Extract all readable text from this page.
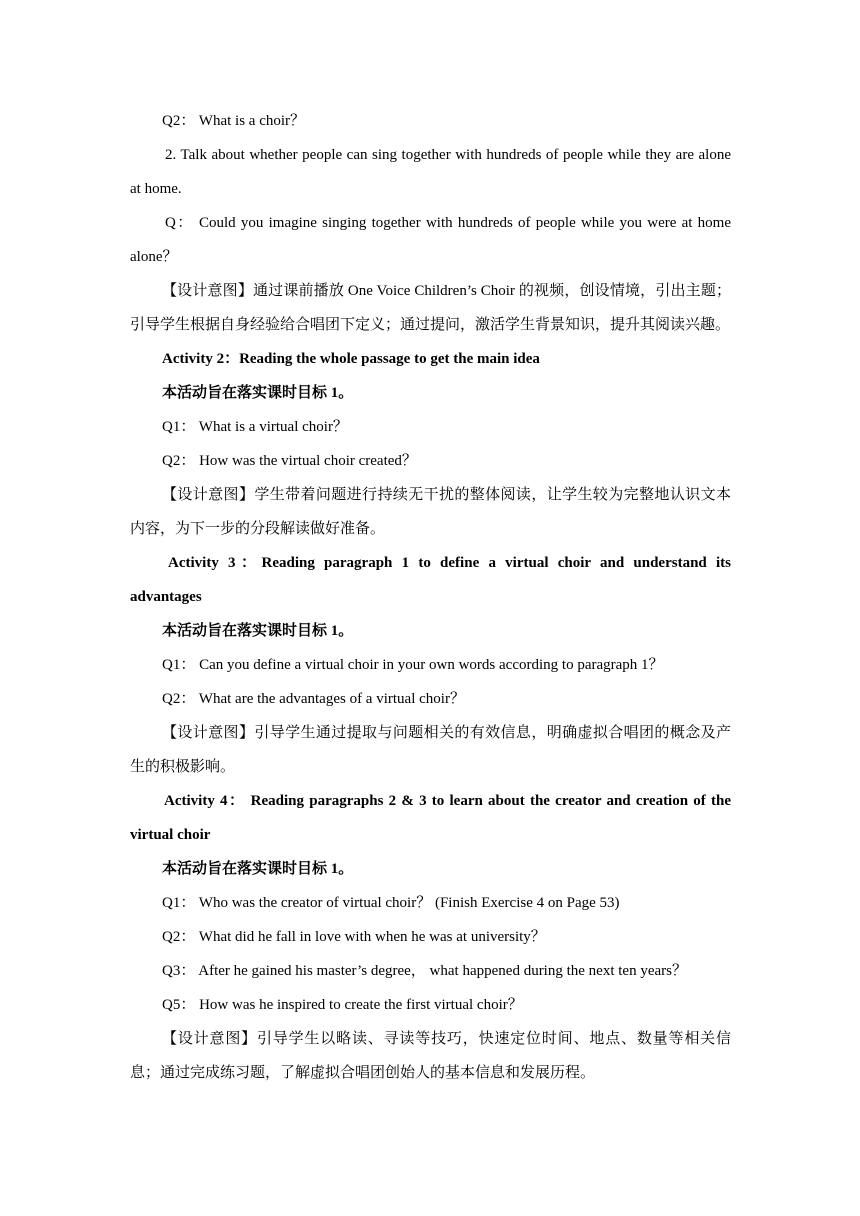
Q2： What is a choir？
2. Talk about whether people can sing together with hundreds of people while they are alone at home.
Q： Could you imagine singing together with hundreds of people while you were at home alone？
【设计意图】通过课前播放 One Voice Children’s Choir 的视频，创设情境，引出主题；引导学生根据自身经验给合唱团下定义；通过提问，激活学生背景知识，提升其阅读兴趣。
Activity 2：Reading the whole passage to get the main idea
本活动旨在落实课时目标 1。
Q1： What is a virtual choir？
Q2： How was the virtual choir created？
【设计意图】学生带着问题进行持续无干扰的整体阅读，让学生较为完整地认识文本内容，为下一步的分段解读做好准备。
Activity 3：Reading paragraph 1 to define a virtual choir and understand its advantages
本活动旨在落实课时目标 1。
Q1： Can you define a virtual choir in your own words according to paragraph 1？
Q2： What are the advantages of a virtual choir？
【设计意图】引导学生通过提取与问题相关的有效信息，明确虚拟合唱团的概念及产生的积极影响。
Activity 4： Reading paragraphs 2 & 3 to learn about the creator and creation of the virtual choir
本活动旨在落实课时目标 1。
Q1： Who was the creator of virtual choir？ (Finish Exercise 4 on Page 53)
Q2： What did he fall in love with when he was at university？
Q3： After he gained his master’s degree， what happened during the next ten years？
Q5： How was he inspired to create the first virtual choir？
【设计意图】引导学生以略读、寻读等技巧，快速定位时间、地点、数量等相关信息；通过完成练习题，了解虚拟合唱团创始人的基本信息和发展历程。
